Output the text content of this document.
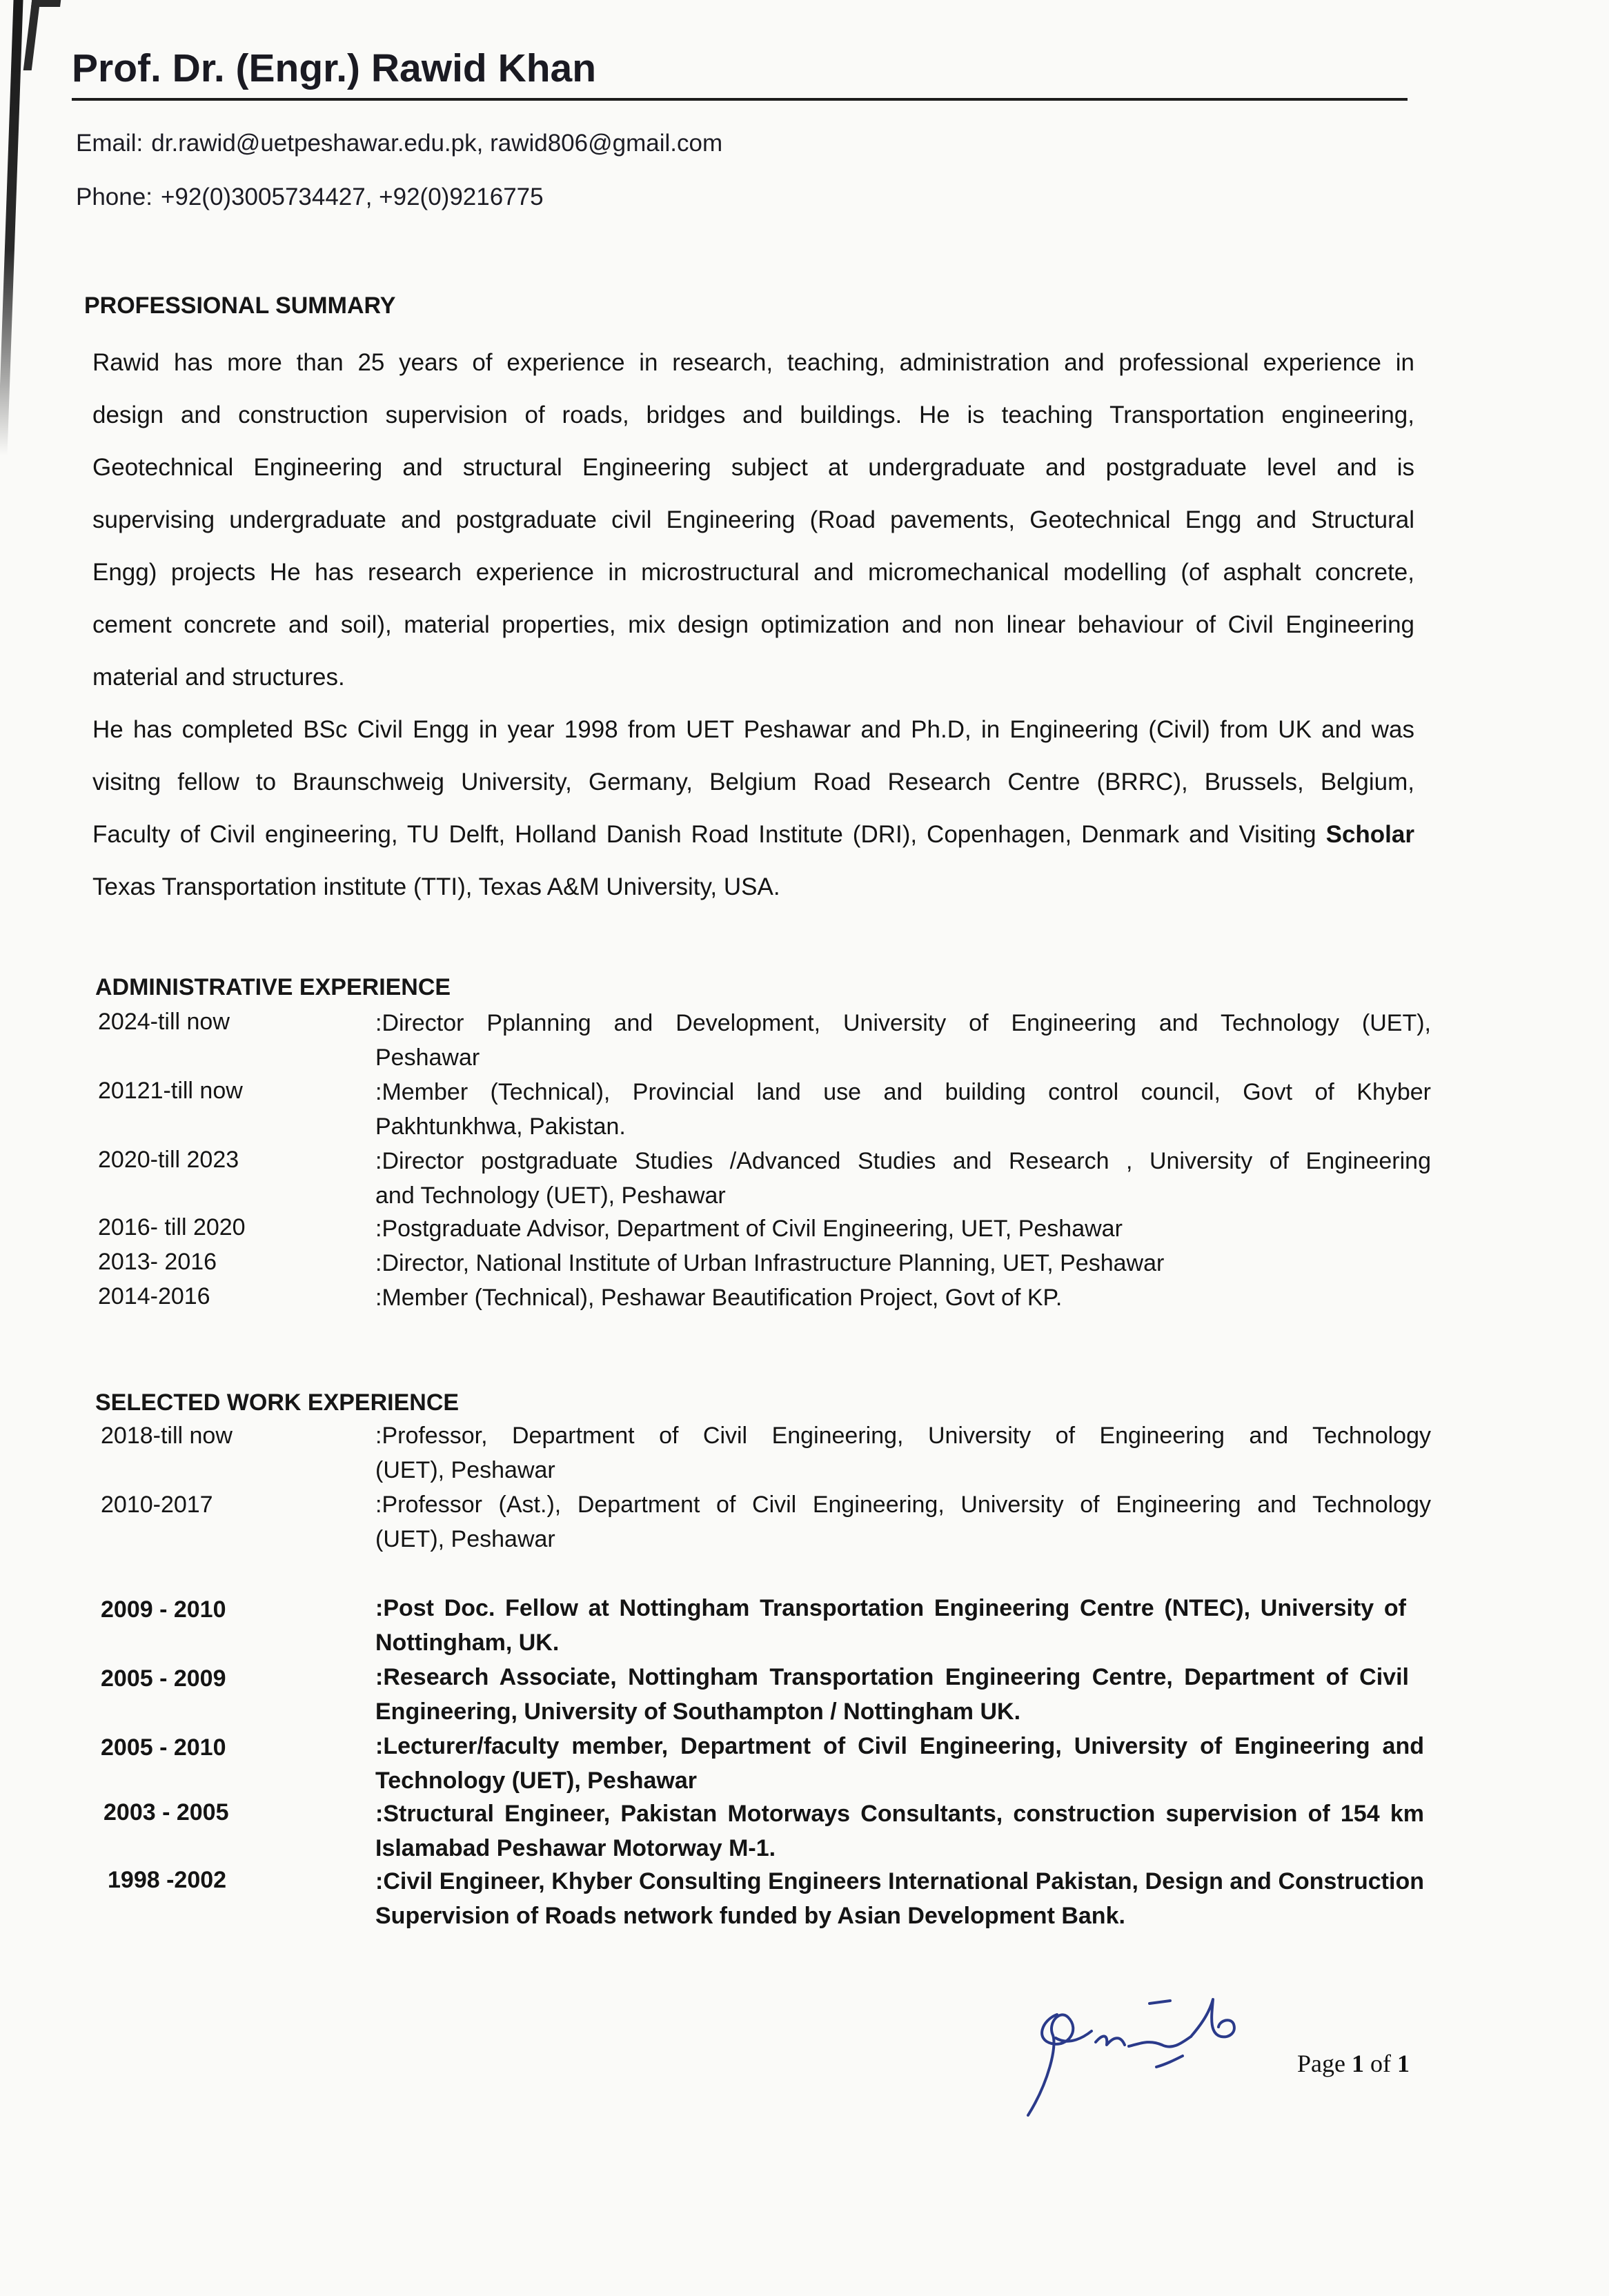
Prof. Dr. (Engr.) Rawid Khan
Email: dr.rawid@uetpeshawar.edu.pk, rawid806@gmail.com
Phone: +92(0)3005734427, +92(0)9216775
PROFESSIONAL SUMMARY
Rawid has more than 25 years of experience in research, teaching, administration and professional experience in
design and construction supervision of roads, bridges and buildings. He is teaching Transportation engineering,
Geotechnical Engineering and structural Engineering subject at undergraduate and postgraduate level and is
supervising undergraduate and postgraduate civil Engineering (Road pavements, Geotechnical Engg and Structural
Engg) projects He has research experience in microstructural and micromechanical modelling (of asphalt concrete,
cement concrete and soil), material properties, mix design optimization and non linear behaviour of Civil Engineering
material and structures.
He has completed BSc Civil Engg in year 1998 from UET Peshawar and Ph.D, in Engineering (Civil) from UK and was
visitng fellow to Braunschweig University, Germany, Belgium Road Research Centre (BRRC), Brussels, Belgium,
Faculty of Civil engineering, TU Delft, Holland Danish Road Institute (DRI), Copenhagen, Denmark and Visiting Scholar
Texas Transportation institute (TTI), Texas A&M University, USA.
ADMINISTRATIVE EXPERIENCE
2024-till now	:Director Pplanning and Development, University of Engineering and Technology (UET),
Peshawar
20121-till now	:Member (Technical), Provincial land use and building control council, Govt of Khyber
Pakhtunkhwa, Pakistan.
2020-till 2023	:Director postgraduate Studies /Advanced Studies and Research , University of Engineering
and Technology (UET), Peshawar
2016- till 2020	:Postgraduate Advisor, Department of Civil Engineering, UET, Peshawar
2013- 2016	:Director, National Institute of Urban Infrastructure Planning, UET, Peshawar
2014-2016	:Member (Technical), Peshawar Beautification Project, Govt of KP.
SELECTED WORK EXPERIENCE
2018-till now	:Professor, Department of Civil Engineering, University of Engineering and Technology
(UET), Peshawar
2010-2017	:Professor (Ast.), Department of Civil Engineering, University of Engineering and Technology
(UET), Peshawar
2009 - 2010	:Post Doc. Fellow at Nottingham Transportation Engineering Centre (NTEC), University of
Nottingham, UK.
2005 - 2009	:Research Associate, Nottingham Transportation Engineering Centre, Department of Civil
Engineering, University of Southampton / Nottingham UK.
2005 - 2010	:Lecturer/faculty member, Department of Civil Engineering, University of Engineering and
Technology (UET), Peshawar
2003 - 2005	:Structural Engineer, Pakistan Motorways Consultants, construction supervision of 154 km
Islamabad Peshawar Motorway M-1.
1998 -2002	:Civil Engineer, Khyber Consulting Engineers International Pakistan, Design and Construction
Supervision of Roads network funded by Asian Development Bank.
Page 1 of 1
